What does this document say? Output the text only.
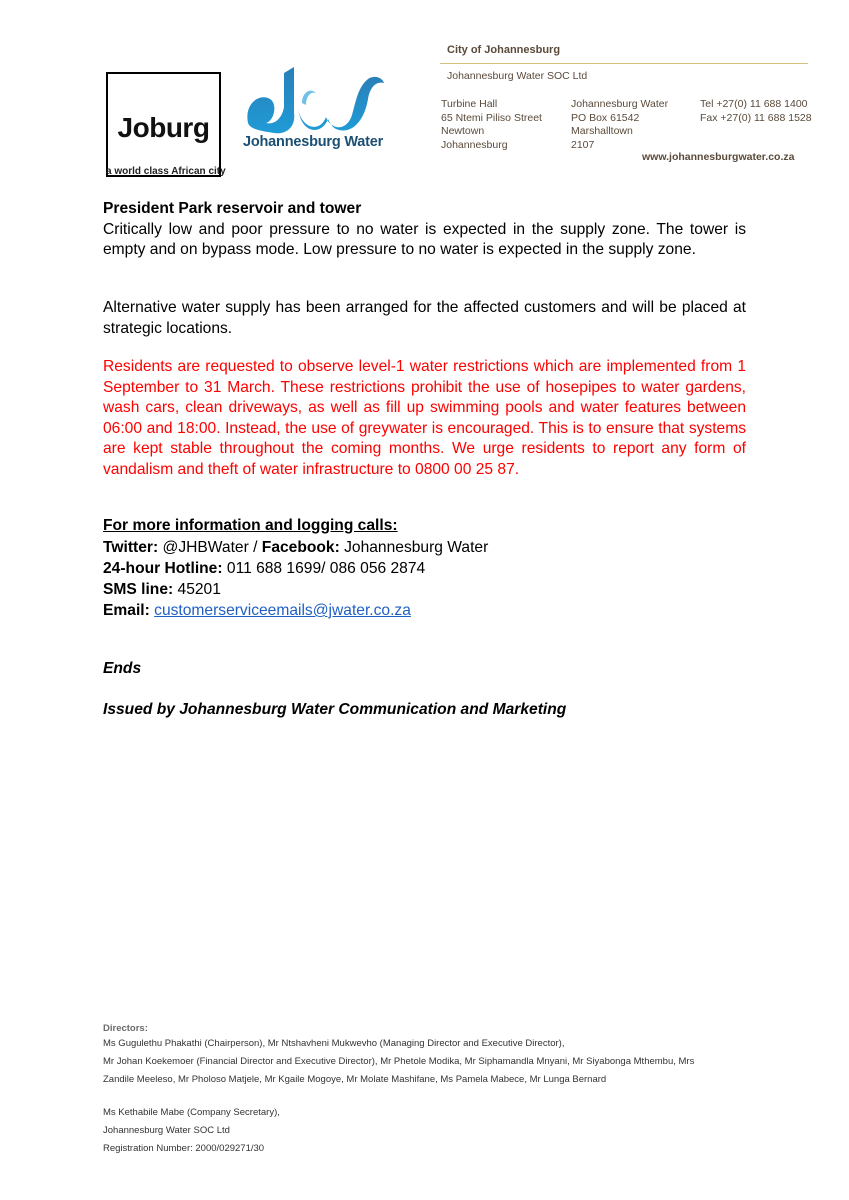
Joburg
a world class African city
Johannesburg Water
City of Johannesburg
Johannesburg Water SOC Ltd
Turbine Hall
65 Ntemi Piliso Street
Newtown
Johannesburg
Johannesburg Water
PO Box 61542
Marshalltown
2107
Tel +27(0) 11 688 1400
Fax +27(0) 11 688 1528
www.johannesburgwater.co.za
President Park reservoir and tower
Critically low and poor pressure to no water is expected in the supply zone. The tower is empty and on bypass mode. Low pressure to no water is expected in the supply zone.
Alternative water supply has been arranged for the affected customers and will be placed at strategic locations.
Residents are requested to observe level-1 water restrictions which are implemented from 1 September to 31 March. These restrictions prohibit the use of hosepipes to water gardens, wash cars, clean driveways, as well as fill up swimming pools and water features between 06:00 and 18:00. Instead, the use of greywater is encouraged. This is to ensure that systems are kept stable throughout the coming months. We urge residents to report any form of vandalism and theft of water infrastructure to 0800 00 25 87.
For more information and logging calls:
Twitter: @JHBWater / Facebook: Johannesburg Water
24-hour Hotline: 011 688 1699/ 086 056 2874
SMS line: 45201
Email: customerserviceemails@jwater.co.za
Ends
Issued by Johannesburg Water Communication and Marketing
Directors:
Ms Gugulethu Phakathi (Chairperson), Mr Ntshavheni Mukwevho (Managing Director and Executive Director),
Mr Johan Koekemoer (Financial Director and Executive Director), Mr Phetole Modika, Mr Siphamandla Mnyani, Mr Siyabonga Mthembu, Mrs
Zandile Meeleso, Mr Pholoso Matjele, Mr Kgaile Mogoye, Mr Molate Mashifane, Ms Pamela Mabece, Mr Lunga Bernard
Ms Kethabile Mabe (Company Secretary),
Johannesburg Water SOC Ltd
Registration Number: 2000/029271/30
